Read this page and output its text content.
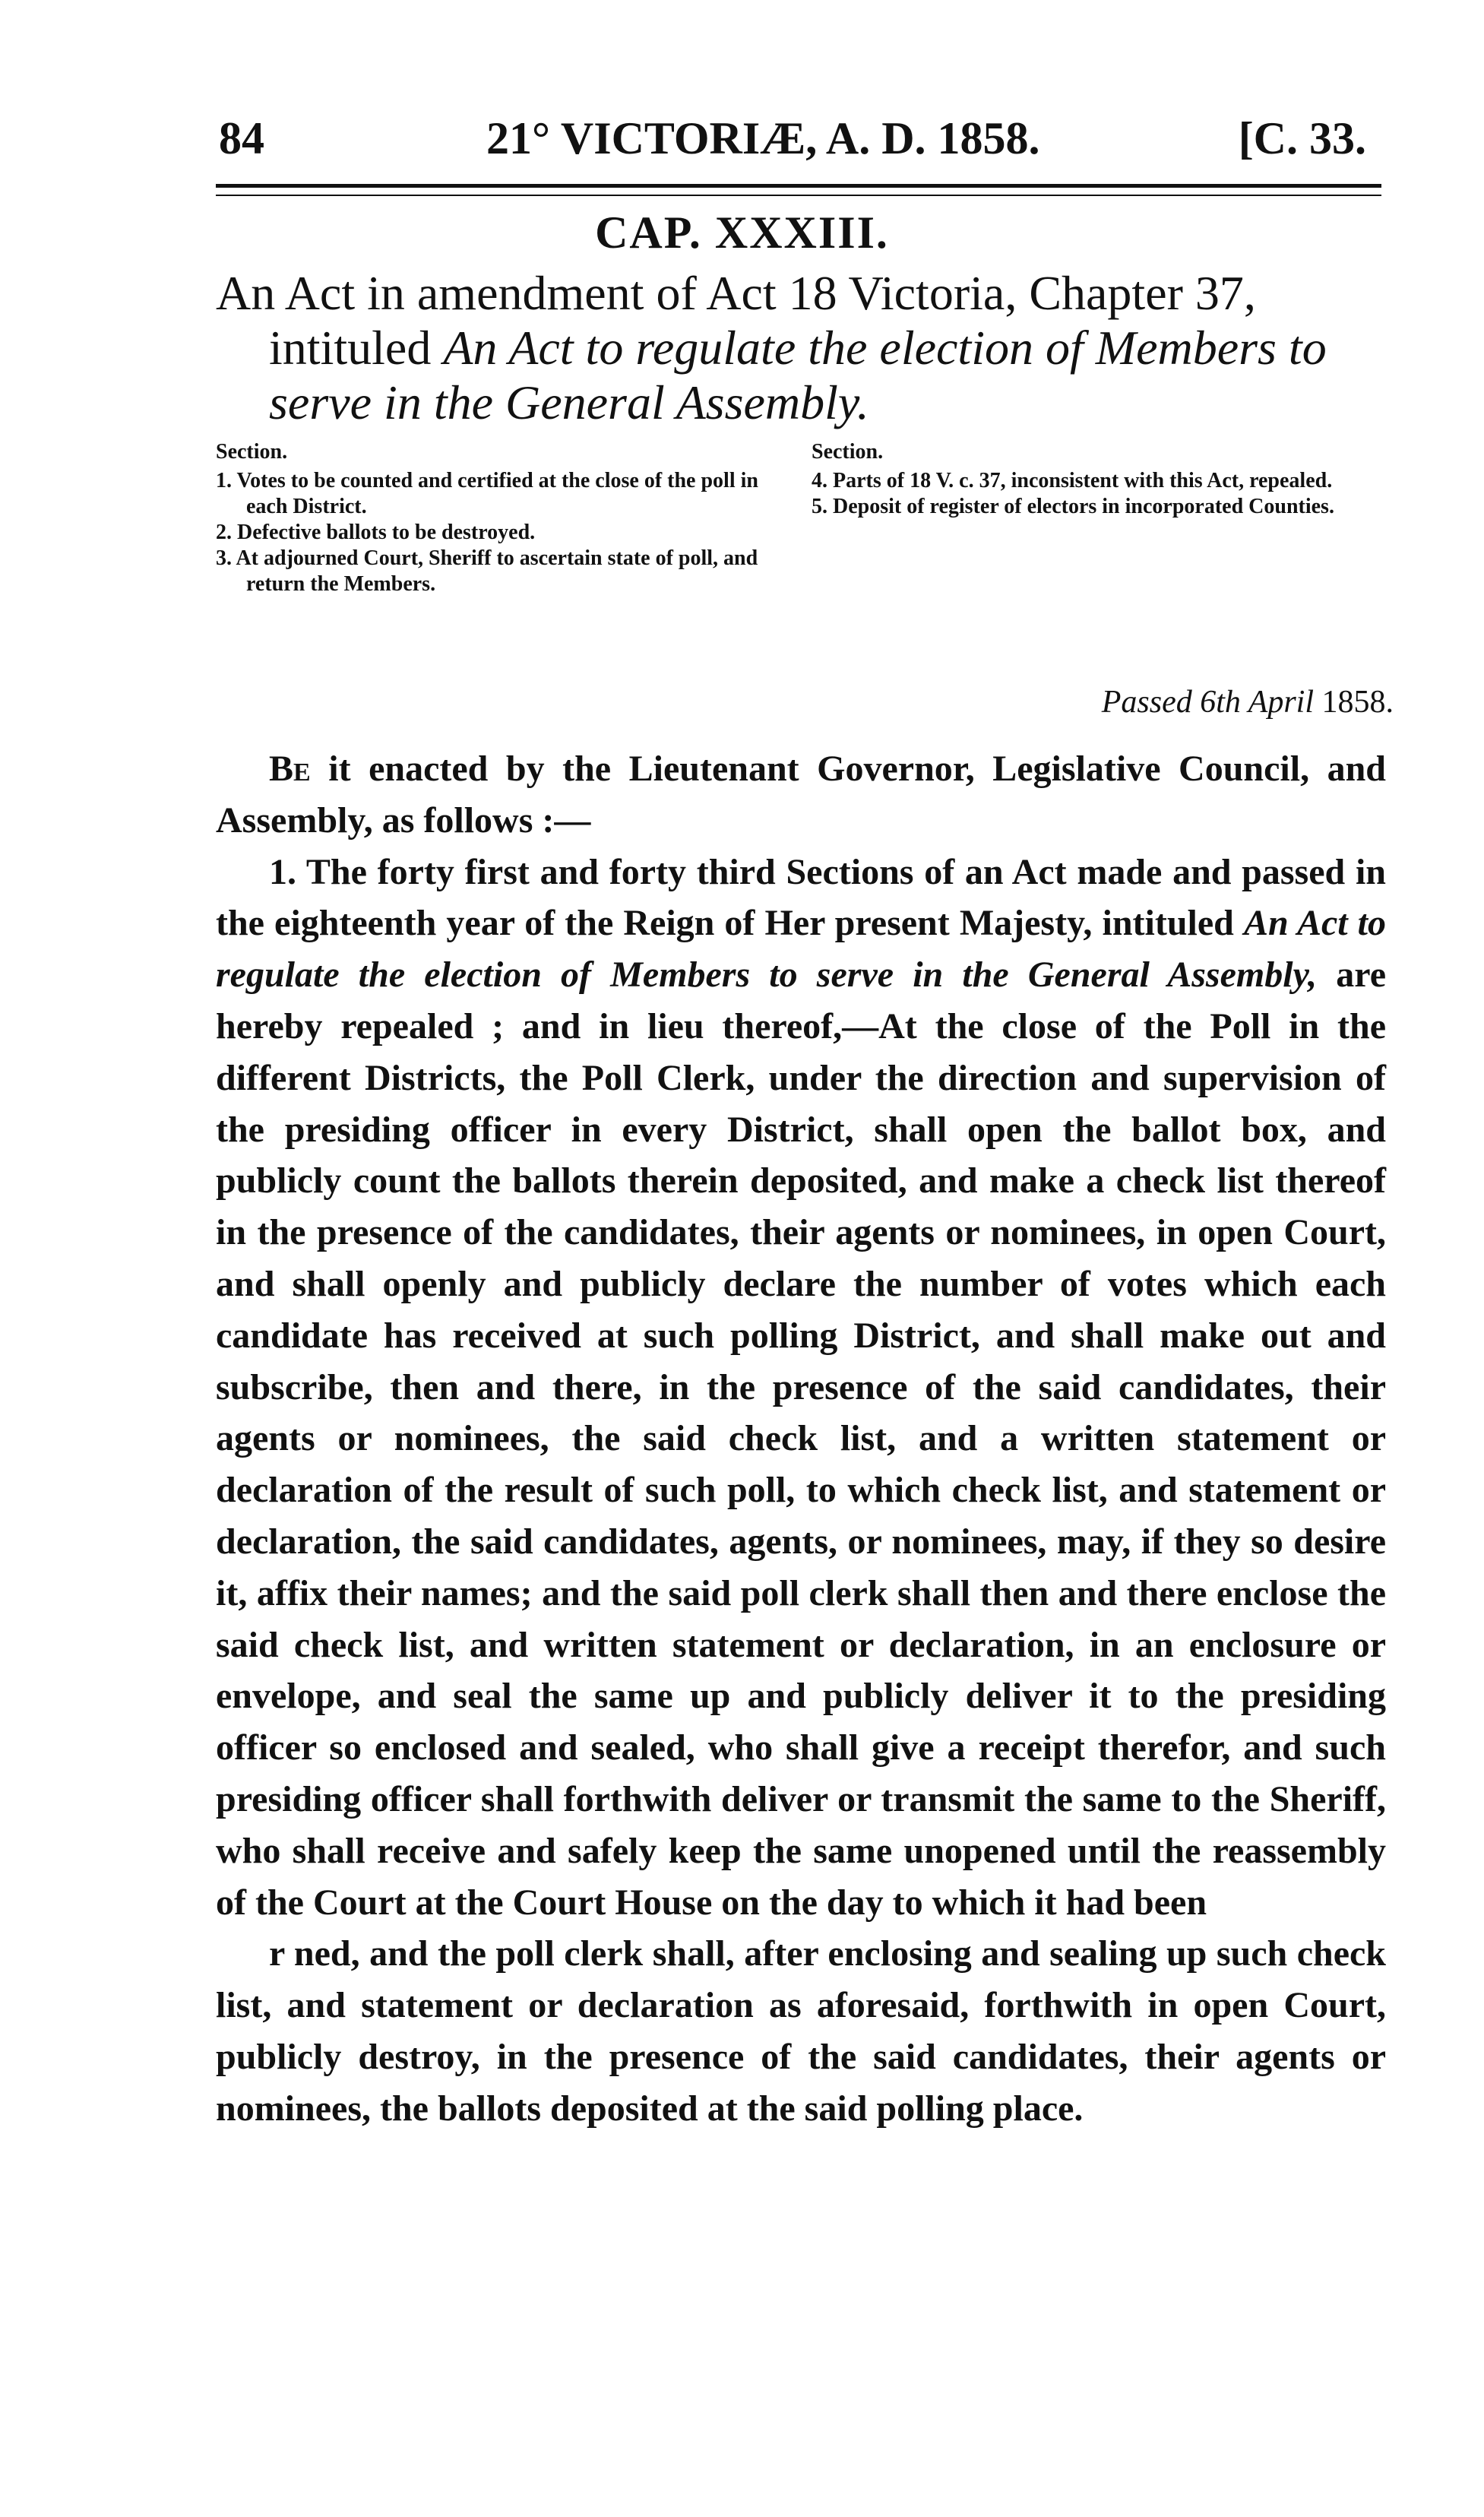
84	21° VICTORIÆ, A. D. 1858.	[C. 33.
CAP. XXXIII.
An Act in amendment of Act 18 Victoria, Chapter 37,
intituled An Act to regulate the election of Members to
serve in the General Assembly.
Section.
1. Votes to be counted and certified at the close of the poll in each District.
2. Defective ballots to be destroyed.
3. At adjourned Court, Sheriff to ascertain state of poll, and return the Members.
Section.
4. Parts of 18 V. c. 37, inconsistent with this Act, repealed.
5. Deposit of register of electors in incorporated Counties.
Passed 6th April 1858.

Be it enacted by the Lieutenant Governor, Legislative Council, and Assembly, as follows :—

1. The forty first and forty third Sections of an Act made and passed in the eighteenth year of the Reign of Her present Majesty, intituled An Act to regulate the election of Members to serve in the General Assembly, are hereby repealed ; and in lieu thereof,—At the close of the Poll in the different Districts, the Poll Clerk, under the direction and supervision of the presiding officer in every District, shall open the ballot box, and publicly count the ballots therein deposited, and make a check list thereof in the presence of the candidates, their agents or nominees, in open Court, and shall openly and publicly declare the number of votes which each candidate has received at such polling District, and shall make out and subscribe, then and there, in the presence of the said candidates, their agents or nominees, the said check list, and a written statement or declaration of the result of such poll, to which check list, and statement or declaration, the said candidates, agents, or nominees, may, if they so desire it, affix their names; and the said poll clerk shall then and there enclose the said check list, and written statement or declaration, in an enclosure or envelope, and seal the same up and publicly deliver it to the presiding officer so enclosed and sealed, who shall give a receipt therefor, and such presiding officer shall forthwith deliver or transmit the same to the Sheriff, who shall receive and safely keep the same unopened until the reassembly of the Court at the Court House on the day to which it had been

r ned, and the poll clerk shall, after enclosing and sealing up such check list, and statement or declaration as aforesaid, forthwith in open Court, publicly destroy, in the presence of the said candidates, their agents or nominees, the ballots deposited at the said polling place.
